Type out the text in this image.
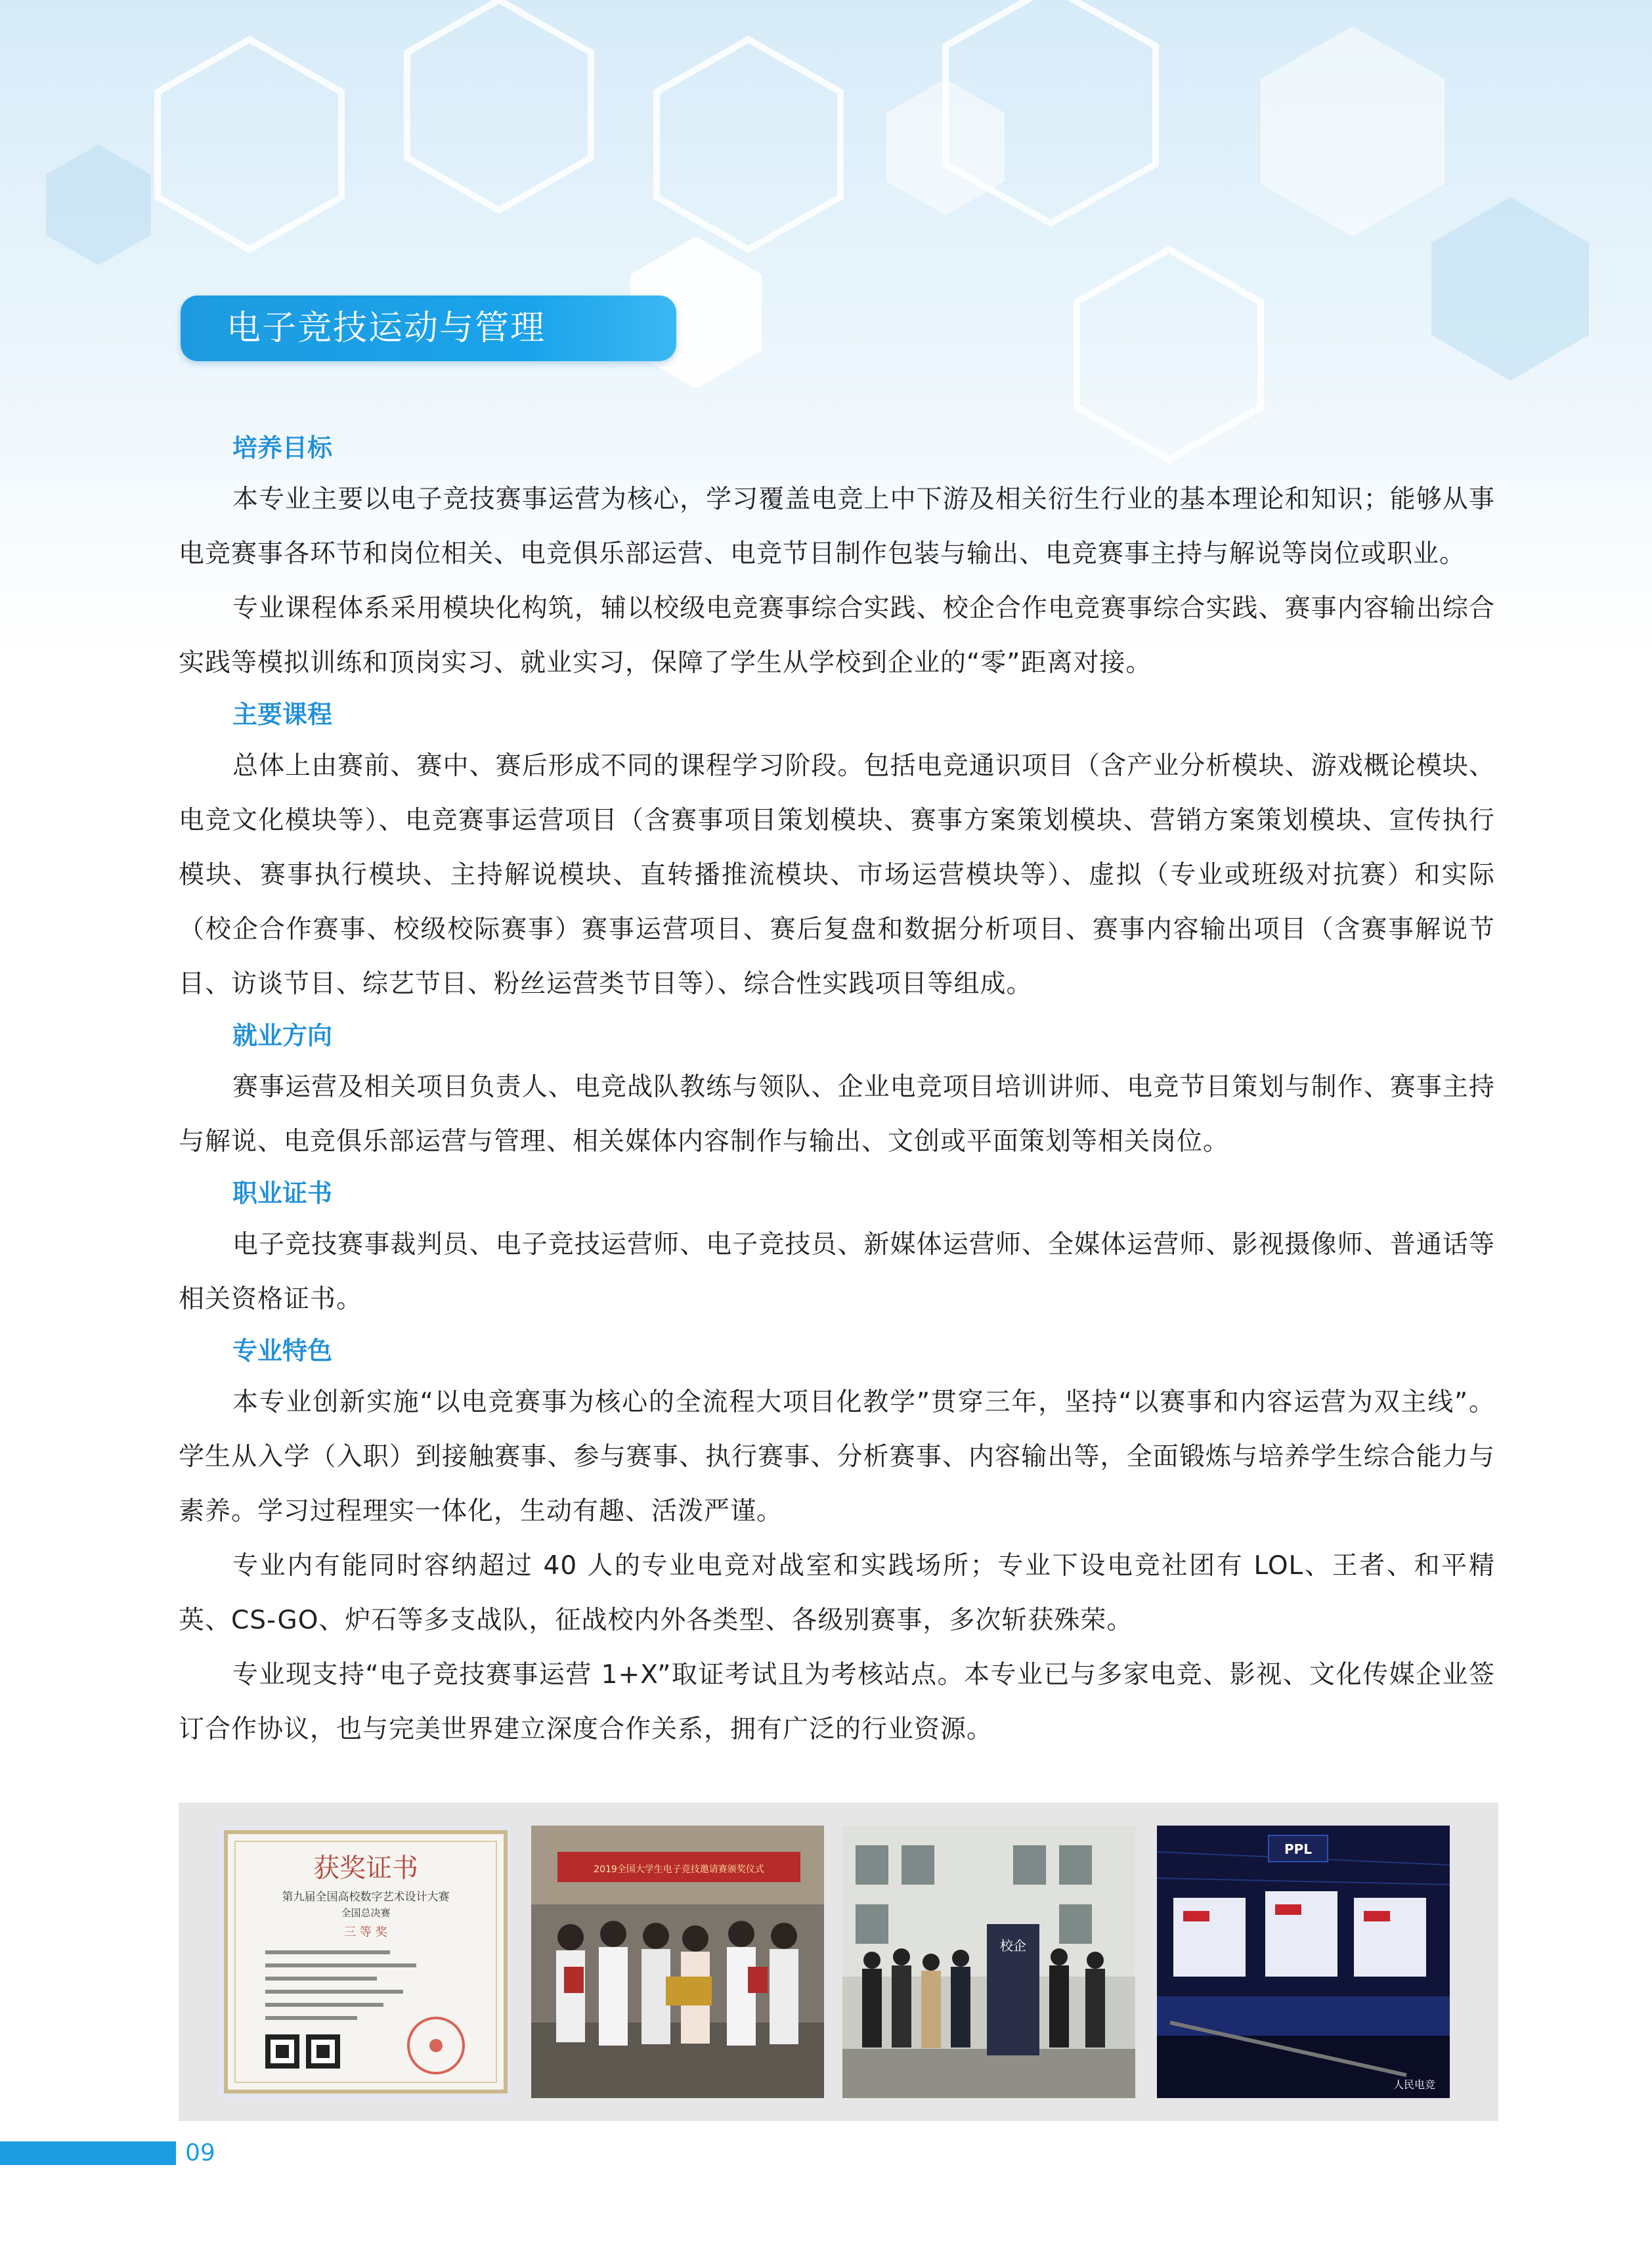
电子竞技运动与管理
培养目标
本专业主要以电子竞技赛事运营为核心，学习覆盖电竞上中下游及相关衍生行业的基本理论和知识；能够从事电竞赛事各环节和岗位相关、电竞俱乐部运营、电竞节目制作包装与输出、电竞赛事主持与解说等岗位或职业。
专业课程体系采用模块化构筑，辅以校级电竞赛事综合实践、校企合作电竞赛事综合实践、赛事内容输出综合实践等模拟训练和顶岗实习、就业实习，保障了学生从学校到企业的“零”距离对接。
主要课程
总体上由赛前、赛中、赛后形成不同的课程学习阶段。包括电竞通识项目（含产业分析模块、游戏概论模块、电竞文化模块等）、电竞赛事运营项目（含赛事项目策划模块、赛事方案策划模块、营销方案策划模块、宣传执行模块、赛事执行模块、主持解说模块、直转播推流模块、市场运营模块等）、虚拟（专业或班级对抗赛）和实际（校企合作赛事、校级校际赛事）赛事运营项目、赛后复盘和数据分析项目、赛事内容输出项目（含赛事解说节目、访谈节目、综艺节目、粉丝运营类节目等）、综合性实践项目等组成。
就业方向
赛事运营及相关项目负责人、电竞战队教练与领队、企业电竞项目培训讲师、电竞节目策划与制作、赛事主持与解说、电竞俱乐部运营与管理、相关媒体内容制作与输出、文创或平面策划等相关岗位。
职业证书
电子竞技赛事裁判员、电子竞技运营师、电子竞技员、新媒体运营师、全媒体运营师、影视摄像师、普通话等相关资格证书。
专业特色
本专业创新实施“以电竞赛事为核心的全流程大项目化教学”贯穿三年，坚持“以赛事和内容运营为双主线”。学生从入学（入职）到接触赛事、参与赛事、执行赛事、分析赛事、内容输出等，全面锻炼与培养学生综合能力与素养。学习过程理实一体化，生动有趣、活泼严谨。
专业内有能同时容纳超过 40 人的专业电竞对战室和实践场所；专业下设电竞社团有 LOL、王者、和平精英、CS-GO、炉石等多支战队，征战校内外各类型、各级别赛事，多次斩获殊荣。
专业现支持“电子竞技赛事运营 1+X”取证考试且为考核站点。本专业已与多家电竞、影视、文化传媒企业签订合作协议，也与完美世界建立深度合作关系，拥有广泛的行业资源。
获奖证书
第九届全国高校数字艺术设计大赛
全国总决赛
三 等 奖
2019全国大学生电子竞技邀请赛颁奖仪式
校企
PPL
人民电竞
09
